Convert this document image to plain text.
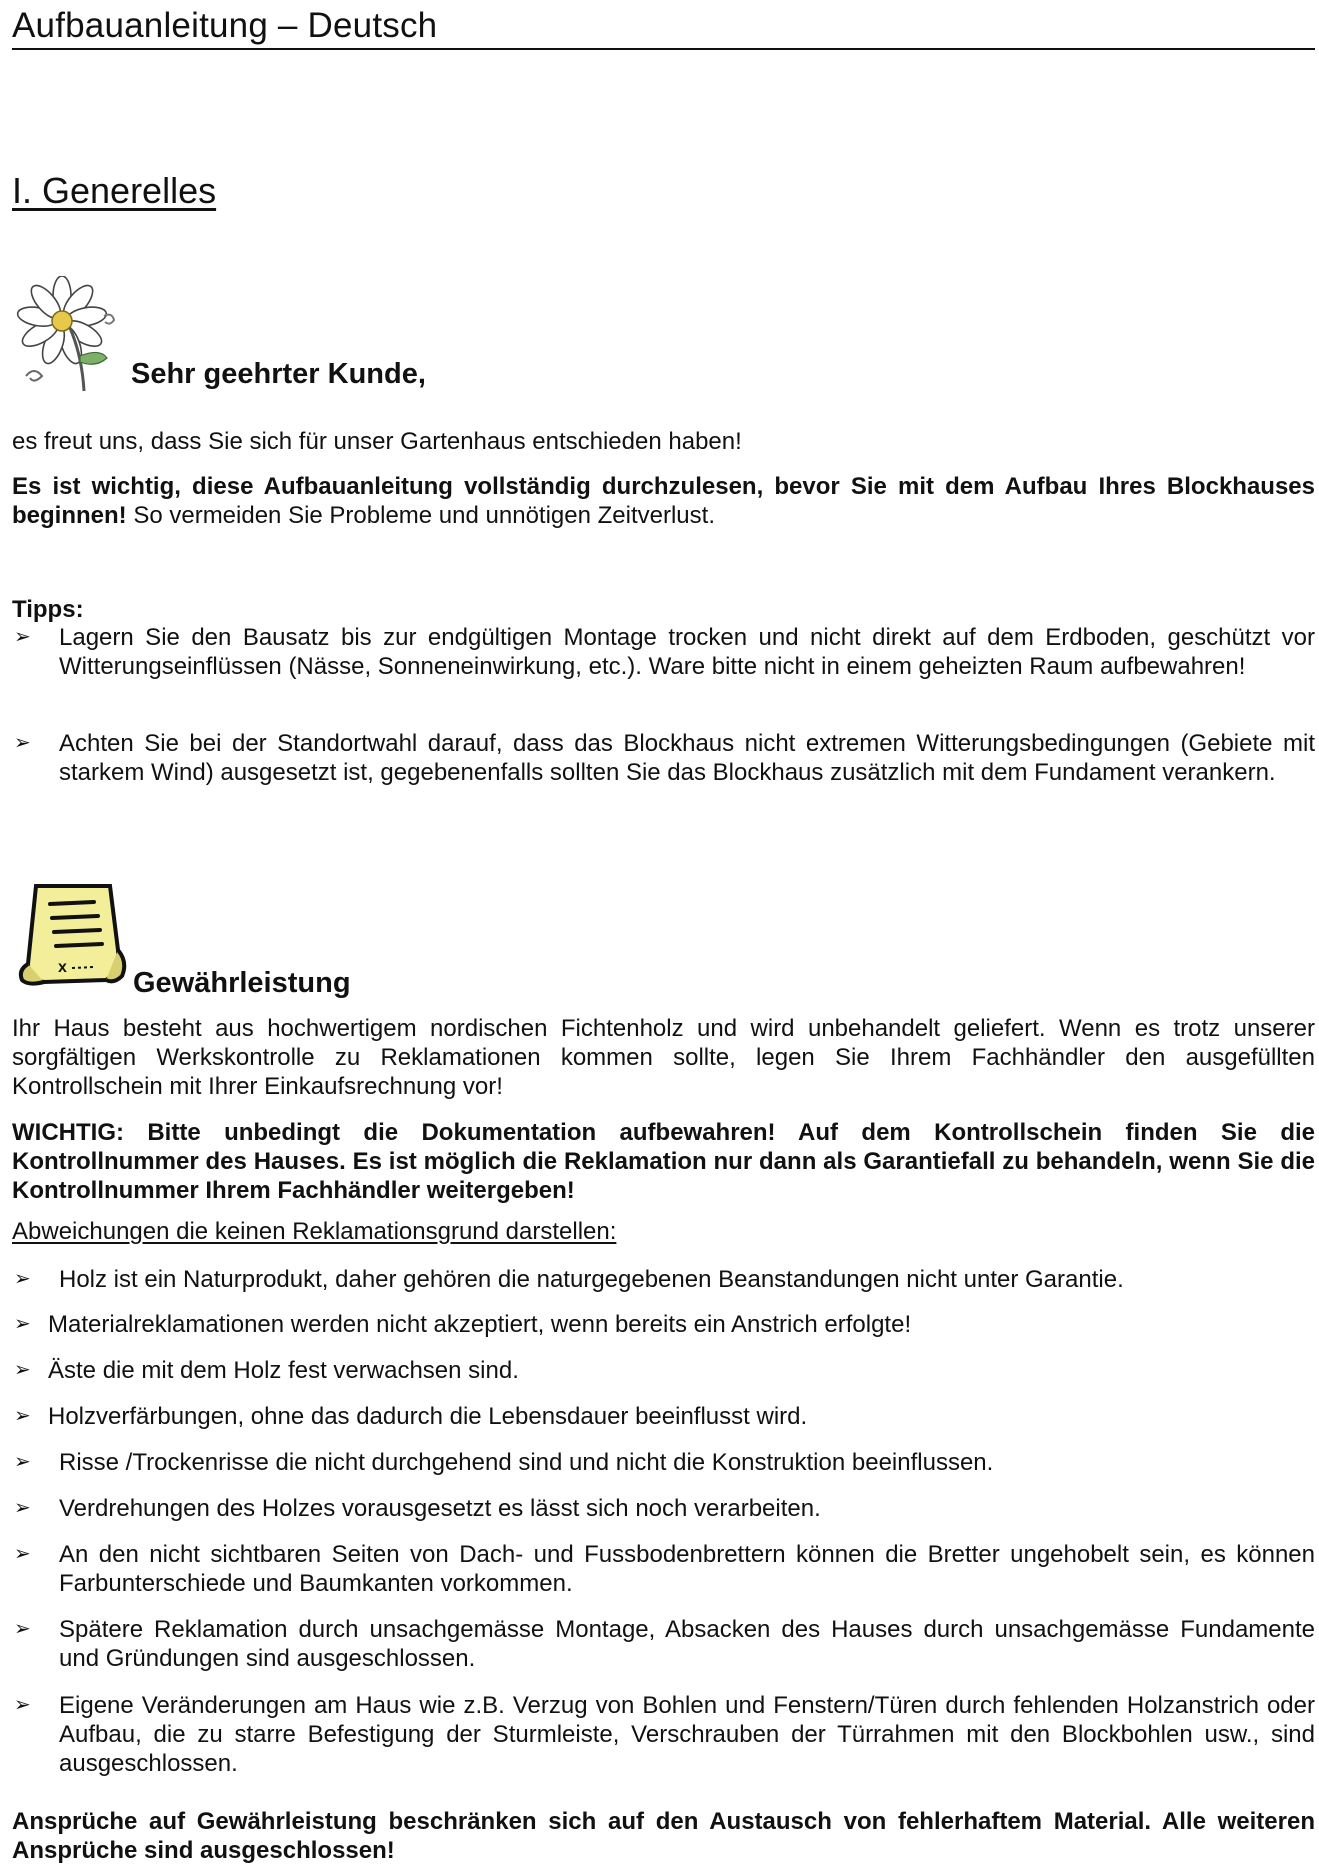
Aufbauanleitung – Deutsch
I. Generelles
Sehr geehrter Kunde,

es freut uns, dass Sie sich für unser Gartenhaus entschieden haben!

Es ist wichtig, diese Aufbauanleitung vollständig durchzulesen, bevor Sie mit dem Aufbau Ihres Blockhauses beginnen! So vermeiden Sie Probleme und unnötigen Zeitverlust.

Tipps:
➢ Lagern Sie den Bausatz bis zur endgültigen Montage trocken und nicht direkt auf dem Erdboden, geschützt vor Witterungseinflüssen (Nässe, Sonneneinwirkung, etc.). Ware bitte nicht in einem geheizten Raum aufbewahren!
➢ Achten Sie bei der Standortwahl darauf, dass das Blockhaus nicht extremen Witterungsbedingungen (Gebiete mit starkem Wind) ausgesetzt ist, gegebenenfalls sollten Sie das Blockhaus zusätzlich mit dem Fundament verankern.
x Gewährleistung

Ihr Haus besteht aus hochwertigem nordischen Fichtenholz und wird unbehandelt geliefert. Wenn es trotz unserer sorgfältigen Werkskontrolle zu Reklamationen kommen sollte, legen Sie Ihrem Fachhändler den ausgefüllten Kontrollschein mit Ihrer Einkaufsrechnung vor!

WICHTIG: Bitte unbedingt die Dokumentation aufbewahren! Auf dem Kontrollschein finden Sie die Kontrollnummer des Hauses. Es ist möglich die Reklamation nur dann als Garantiefall zu behandeln, wenn Sie die Kontrollnummer Ihrem Fachhändler weitergeben!

Abweichungen die keinen Reklamationsgrund darstellen:
➢ Holz ist ein Naturprodukt, daher gehören die naturgegebenen Beanstandungen nicht unter Garantie.
➢ Materialreklamationen werden nicht akzeptiert, wenn bereits ein Anstrich erfolgte!
➢ Äste die mit dem Holz fest verwachsen sind.
➢ Holzverfärbungen, ohne das dadurch die Lebensdauer beeinflusst wird.
➢ Risse /Trockenrisse die nicht durchgehend sind und nicht die Konstruktion beeinflussen.
➢ Verdrehungen des Holzes vorausgesetzt es lässt sich noch verarbeiten.
➢ An den nicht sichtbaren Seiten von Dach- und Fussbodenbrettern können die Bretter ungehobelt sein, es können Farbunterschiede und Baumkanten vorkommen.
➢ Spätere Reklamation durch unsachgemässe Montage, Absacken des Hauses durch unsachgemässe Fundamente und Gründungen sind ausgeschlossen.
➢ Eigene Veränderungen am Haus wie z.B. Verzug von Bohlen und Fenstern/Türen durch fehlenden Holzanstrich oder Aufbau, die zu starre Befestigung der Sturmleiste, Verschrauben der Türrahmen mit den Blockbohlen usw., sind ausgeschlossen.

Ansprüche auf Gewährleistung beschränken sich auf den Austausch von fehlerhaftem Material. Alle weiteren Ansprüche sind ausgeschlossen!
